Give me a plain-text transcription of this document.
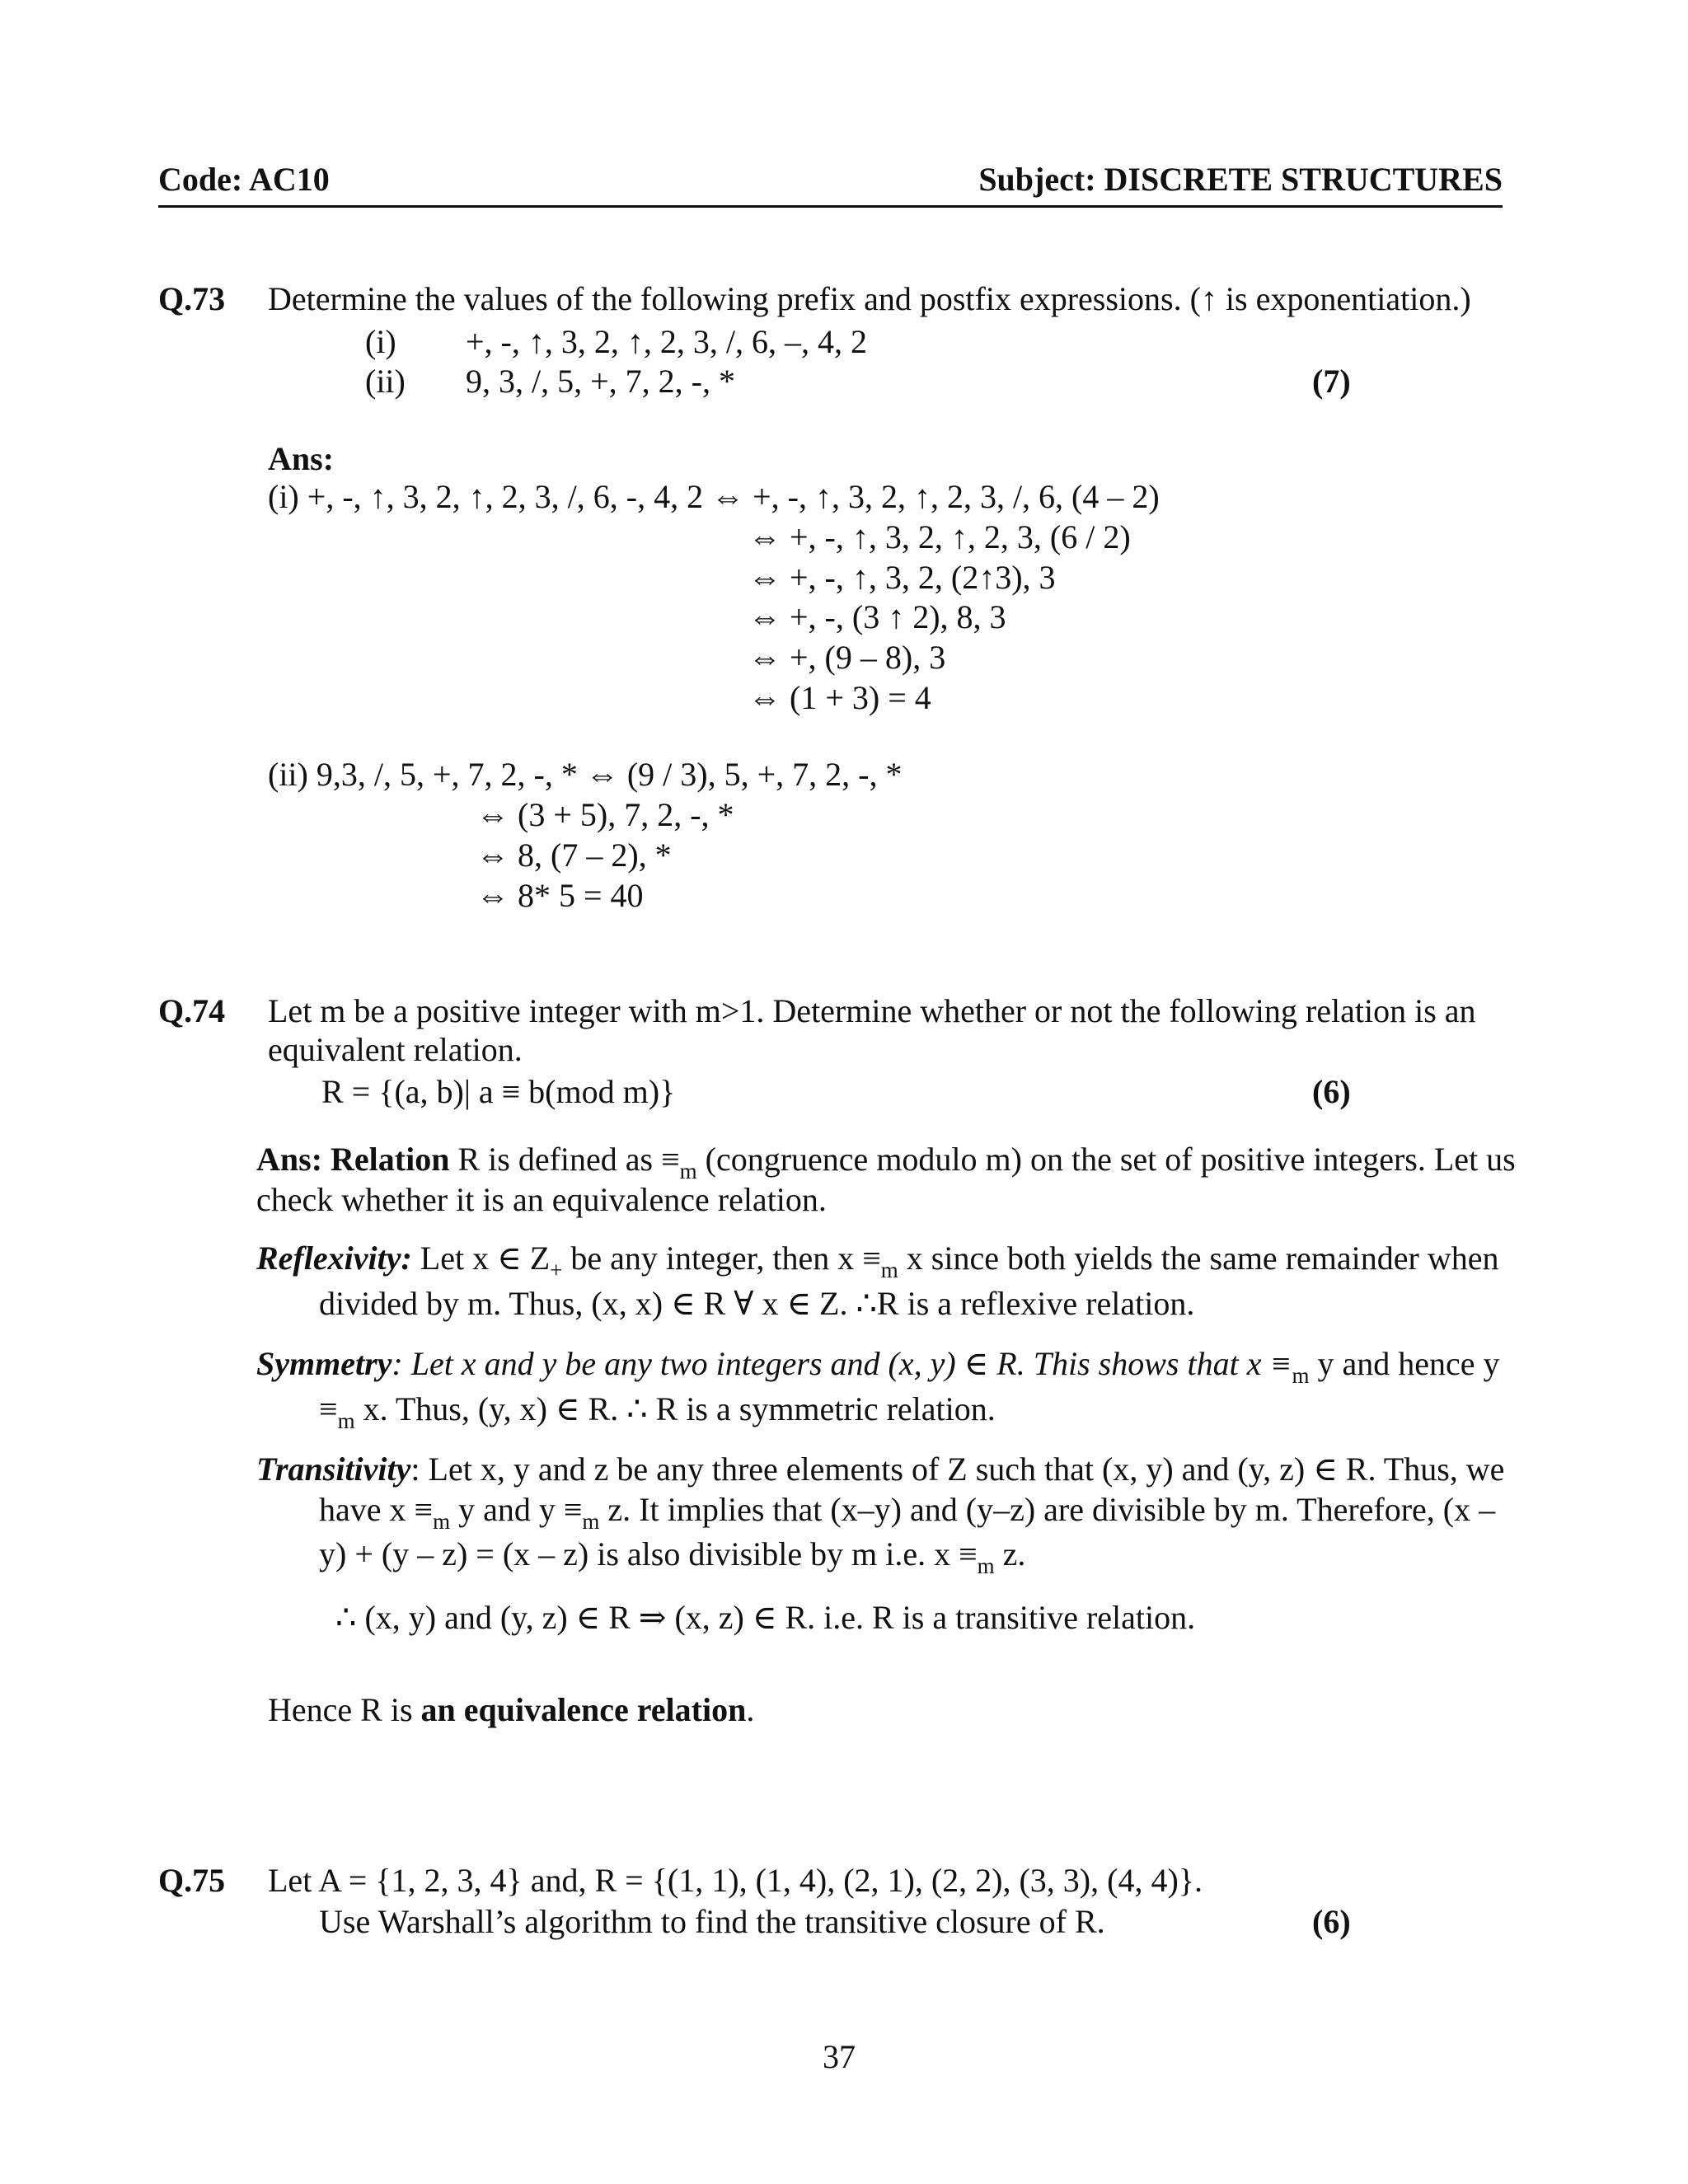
Code: AC10	Subject: DISCRETE STRUCTURES
Q.73 Determine the values of the following prefix and postfix expressions. (↑ is exponentiation.)
(i) +, -, ↑, 3, 2, ↑, 2, 3, /, 6, –, 4, 2
(ii) 9, 3, /, 5, +, 7, 2, -, *	(7)
Ans:
(i) +, -, ↑, 3, 2, ↑, 2, 3, /, 6, -, 4, 2 ⇔ +, -, ↑, 3, 2, ↑, 2, 3, /, 6, (4 – 2)
⇔ +, -, ↑, 3, 2, ↑, 2, 3, (6 / 2)
⇔ +, -, ↑, 3, 2, (2↑3), 3
⇔ +, -, (3 ↑ 2), 8, 3
⇔ +, (9 – 8), 3
⇔ (1 + 3) = 4
(ii) 9,3, /, 5, +, 7, 2, -, * ⇔ (9 / 3), 5, +, 7, 2, -, *
⇔ (3 + 5), 7, 2, -, *
⇔ 8, (7 – 2), *
⇔ 8* 5 = 40
Q.74 Let m be a positive integer with m>1. Determine whether or not the following relation is an
equivalent relation.
R = {(a, b)| a ≡ b(mod m)}	(6)
Ans: Relation R is defined as $\equiv_m$ (congruence modulo m) on the set of positive integers. Let us
check whether it is an equivalence relation.
Reflexivity: Let x ∈ $Z_+$ be any integer, then $x \equiv_m$ x since both yields the same remainder when
divided by m. Thus, (x, x) ∈ R ∀ x ∈ Z. ∴R is a reflexive relation.
Symmetry: Let x and y be any two integers and (x, y) ∈ R. This shows that $x \equiv_m$ y and hence y
$\equiv_m$ x. Thus, (y, x) ∈ R. ∴ R is a symmetric relation.
Transitivity: Let x, y and z be any three elements of Z such that (x, y) and (y, z) ∈ R. Thus, we
have $x \equiv_m$ y and $y \equiv_m$ z. It implies that (x–y) and (y–z) are divisible by m. Therefore, (x –
y) + (y – z) = (x – z) is also divisible by m i.e. $x \equiv_m$ z.
∴ (x, y) and (y, z) ∈ R ⇒ (x, z) ∈ R. i.e. R is a transitive relation.
Hence R is an equivalence relation.
Q.75 Let A = {1, 2, 3, 4} and, R = {(1, 1), (1, 4), (2, 1), (2, 2), (3, 3), (4, 4)}.
Use Warshall’s algorithm to find the transitive closure of R.	(6)
37
